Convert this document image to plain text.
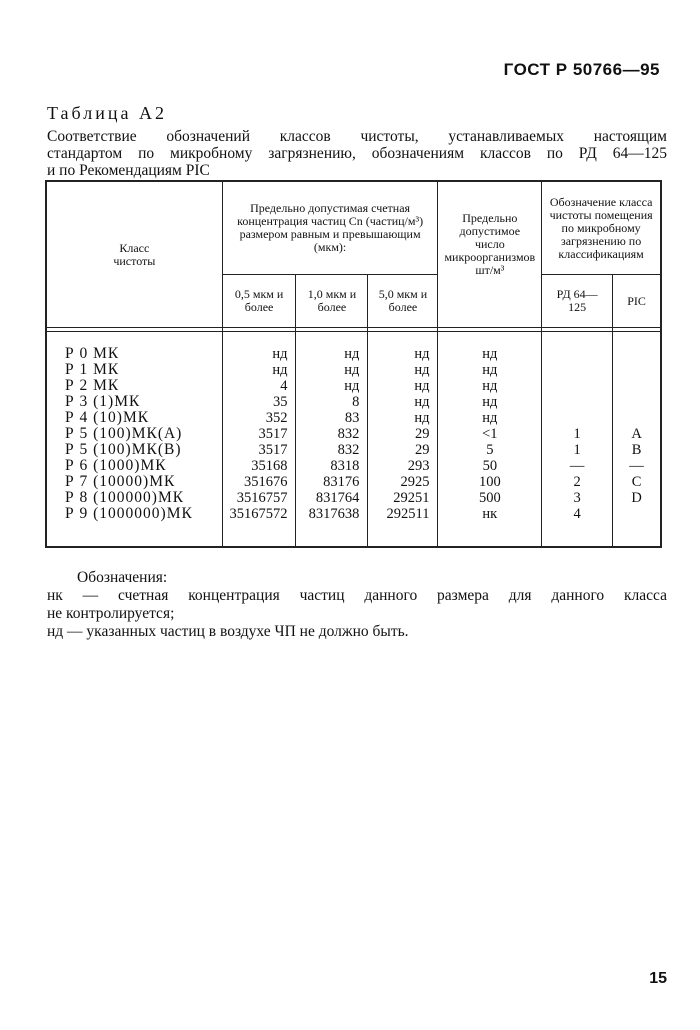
ГОСТ Р 50766—95
Таблица А2
Соответствие обозначений классов чистоты, устанавливаемых настоящим
стандартом по микробному загрязнению, обозначениям классов по РД 64—125
и по Рекомендациям PIC
Класс чистоты	Предельно допустимая счетная концентрация частиц Cn (частиц/м³) размером равным и превышающим (мкм):			Предельно допустимое число микроорганизмов шт/м³	Обозначение класса чистоты помещения по микробному загрязнению по классификациям	
	0,5 мкм и более	1,0 мкм и более	5,0 мкм и более		РД 64—125	PIC

Р 0 МК	нд	нд	нд	нд		
Р 1 МК	нд	нд	нд	нд		
Р 2 МК	4	нд	нд	нд		
Р 3 (1)МК	35	8	нд	нд		
Р 4 (10)МК	352	83	нд	нд		
Р 5 (100)МК(А)	3517	832	29	<1	1	A
Р 5 (100)МК(В)	3517	832	29	5	1	B
Р 6 (1000)МК	35168	8318	293	50	—	—
Р 7 (10000)МК	351676	83176	2925	100	2	C
Р 8 (100000)МК	3516757	831764	29251	500	3	D
Р 9 (1000000)МК	35167572	8317638	292511	нк	4	

Обозначения:
нк — счетная концентрация частиц данного размера для данного класса
не контролируется;
нд — указанных частиц в воздухе ЧП не должно быть.
15
